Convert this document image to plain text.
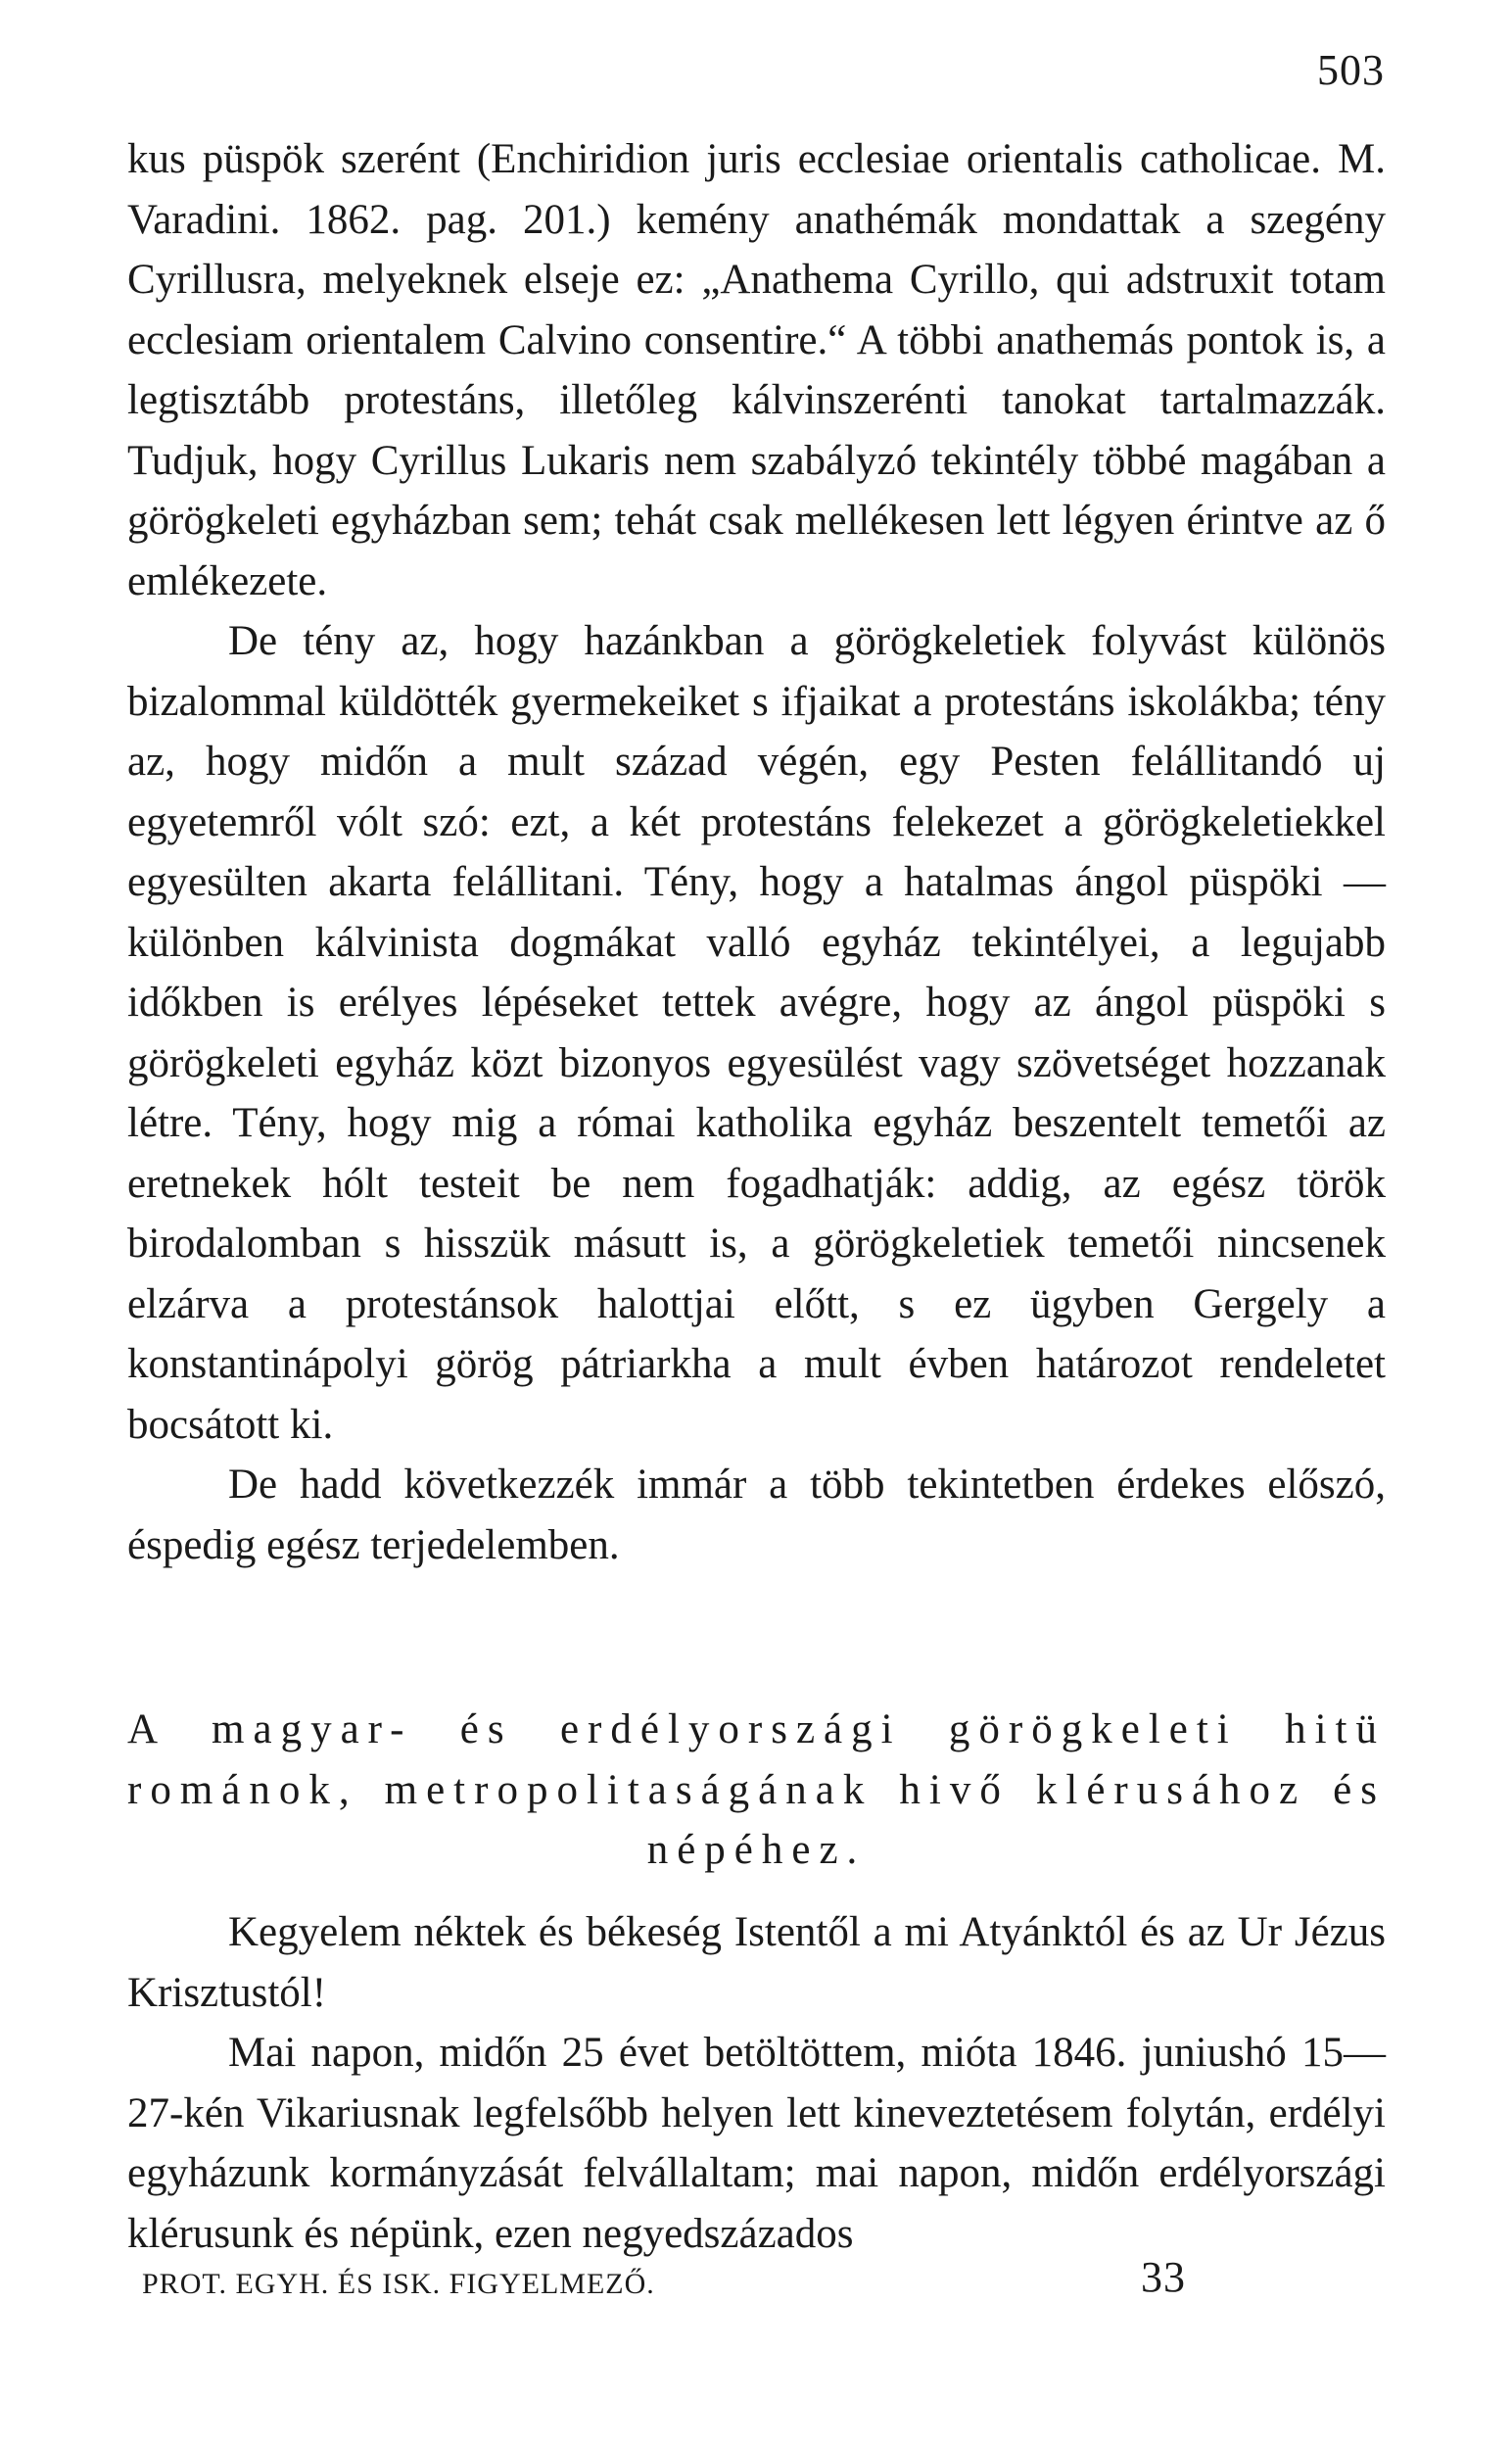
503

kus püspök szerént (Enchiridion juris ecclesiae orientalis catholicae. M. Varadini. 1862. pag. 201.) kemény anathémák mondattak a szegény Cyrillusra, melyeknek elseje ez: „Anathema Cyrillo, qui adstruxit totam ecclesiam orientalem Calvino consentire.“ A többi anathemás pontok is, a legtisztább protestáns, illetőleg kálvinszerénti tanokat tartalmazzák. Tudjuk, hogy Cyrillus Lukaris nem szabályzó tekintély többé magában a görögkeleti egyházban sem; tehát csak mellékesen lett légyen érintve az ő emlékezete.

De tény az, hogy hazánkban a görögkeletiek folyvást különös bizalommal küldötték gyermekeiket s ifjaikat a protestáns iskolákba; tény az, hogy midőn a mult század végén, egy Pesten felállitandó uj egyetemről vólt szó: ezt, a két protestáns felekezet a görögkeletiekkel egyesülten akarta felállitani. Tény, hogy a hatalmas ángol püspöki — különben kálvinista dogmákat valló egyház tekintélyei, a legujabb időkben is erélyes lépéseket tettek avégre, hogy az ángol püspöki s görögkeleti egyház közt bizonyos egyesülést vagy szövetséget hozzanak létre. Tény, hogy mig a római katholika egyház beszentelt temetői az eretnekek hólt testeit be nem fogadhatják: addig, az egész török birodalomban s hisszük másutt is, a görögkeletiek temetői nincsenek elzárva a protestánsok halottjai előtt, s ez ügyben Gergely a konstantinápolyi görög pátriarkha a mult évben határozot rendeletet bocsátott ki.

De hadd következzék immár a több tekintetben érdekes előszó, éspedig egész terjedelemben.

A magyar- és erdélyországi görögkeleti hitü románok, metropolitaságának hivő klérusához és népéhez.

Kegyelem néktek és békeség Istentől a mi Atyánktól és az Ur Jézus Krisztustól!

Mai napon, midőn 25 évet betöltöttem, mióta 1846. juniushó 15—27-kén Vikariusnak legfelsőbb helyen lett kineveztetésem folytán, erdélyi egyházunk kormányzását felvállaltam; mai napon, midőn erdélyországi klérusunk és népünk, ezen negyedszázados

PROT. EGYH. ÉS ISK. FIGYELMEZŐ.	33
